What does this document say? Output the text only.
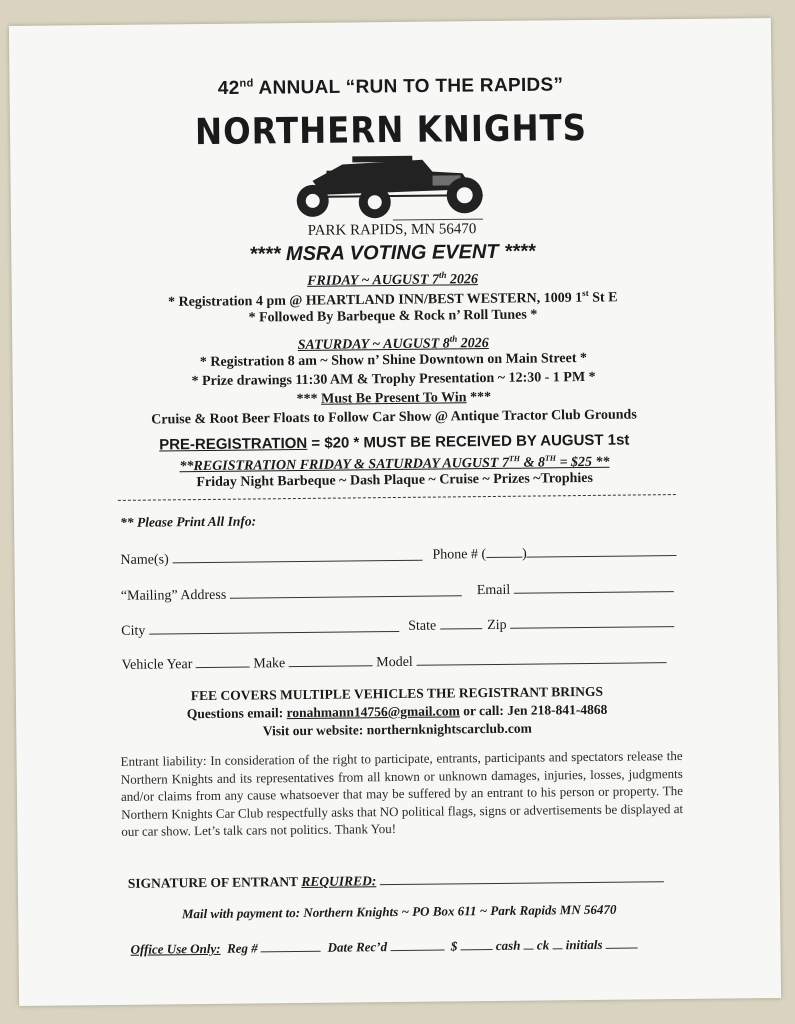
42nd ANNUAL “RUN TO THE RAPIDS”
NORTHERN KNIGHTS
PARK RAPIDS, MN 56470
**** MSRA VOTING EVENT ****
FRIDAY ~ AUGUST 7th 2026
* Registration 4 pm @ HEARTLAND INN/BEST WESTERN, 1009 1st St E
* Followed By Barbeque & Rock n’ Roll Tunes *
SATURDAY ~ AUGUST 8th 2026
* Registration 8 am ~ Show n’ Shine Downtown on Main Street *
* Prize drawings 11:30 AM & Trophy Presentation ~ 12:30 - 1 PM *
*** Must Be Present To Win ***
Cruise & Root Beer Floats to Follow Car Show @ Antique Tractor Club Grounds
PRE-REGISTRATION = $20 * MUST BE RECEIVED BY AUGUST 1st
**REGISTRATION FRIDAY & SATURDAY AUGUST 7TH & 8TH = $25 **
Friday Night Barbeque ~ Dash Plaque ~ Cruise ~ Prizes ~Trophies
** Please Print All Info:
Name(s)	Phone # (	)
“Mailing” Address	Email
City	State	Zip
Vehicle Year	Make	Model
FEE COVERS MULTIPLE VEHICLES THE REGISTRANT BRINGS
Questions email: ronahmann14756@gmail.com or call: Jen 218-841-4868
Visit our website: northernknightscarclub.com
Entrant liability: In consideration of the right to participate, entrants, participants and spectators release the Northern Knights and its representatives from all known or unknown damages, injuries, losses, judgments and/or claims from any cause whatsoever that may be suffered by an entrant to his person or property. The Northern Knights Car Club respectfully asks that NO political flags, signs or advertisements be displayed at our car show. Let’s talk cars not politics. Thank You!
SIGNATURE OF ENTRANT REQUIRED:
Mail with payment to: Northern Knights ~ PO Box 611 ~ Park Rapids MN 56470
Office Use Only: Reg #	Date Rec’d	$	cash ck initials
